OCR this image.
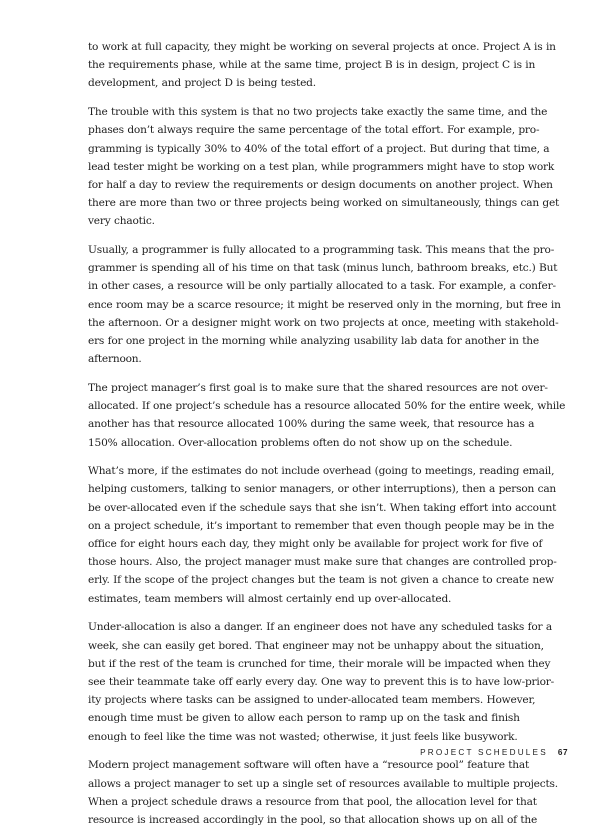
to work at full capacity, they might be working on several projects at once. Project A is in
the requirements phase, while at the same time, project B is in design, project C is in
development, and project D is being tested.

The trouble with this system is that no two projects take exactly the same time, and the
phases don’t always require the same percentage of the total effort. For example, pro-
gramming is typically 30% to 40% of the total effort of a project. But during that time, a
lead tester might be working on a test plan, while programmers might have to stop work
for half a day to review the requirements or design documents on another project. When
there are more than two or three projects being worked on simultaneously, things can get
very chaotic.

Usually, a programmer is fully allocated to a programming task. This means that the pro-
grammer is spending all of his time on that task (minus lunch, bathroom breaks, etc.) But
in other cases, a resource will be only partially allocated to a task. For example, a confer-
ence room may be a scarce resource; it might be reserved only in the morning, but free in
the afternoon. Or a designer might work on two projects at once, meeting with stakehold-
ers for one project in the morning while analyzing usability lab data for another in the
afternoon.

The project manager’s first goal is to make sure that the shared resources are not over-
allocated. If one project’s schedule has a resource allocated 50% for the entire week, while
another has that resource allocated 100% during the same week, that resource has a
150% allocation. Over-allocation problems often do not show up on the schedule.

What’s more, if the estimates do not include overhead (going to meetings, reading email,
helping customers, talking to senior managers, or other interruptions), then a person can
be over-allocated even if the schedule says that she isn’t. When taking effort into account
on a project schedule, it’s important to remember that even though people may be in the
office for eight hours each day, they might only be available for project work for five of
those hours. Also, the project manager must make sure that changes are controlled prop-
erly. If the scope of the project changes but the team is not given a chance to create new
estimates, team members will almost certainly end up over-allocated.

Under-allocation is also a danger. If an engineer does not have any scheduled tasks for a
week, she can easily get bored. That engineer may not be unhappy about the situation,
but if the rest of the team is crunched for time, their morale will be impacted when they
see their teammate take off early every day. One way to prevent this is to have low-prior-
ity projects where tasks can be assigned to under-allocated team members. However,
enough time must be given to allow each person to ramp up on the task and finish
enough to feel like the time was not wasted; otherwise, it just feels like busywork.

Modern project management software will often have a “resource pool” feature that
allows a project manager to set up a single set of resources available to multiple projects.
When a project schedule draws a resource from that pool, the allocation level for that
resource is increased accordingly in the pool, so that allocation shows up on all of the

PROJECT SCHEDULES 67
